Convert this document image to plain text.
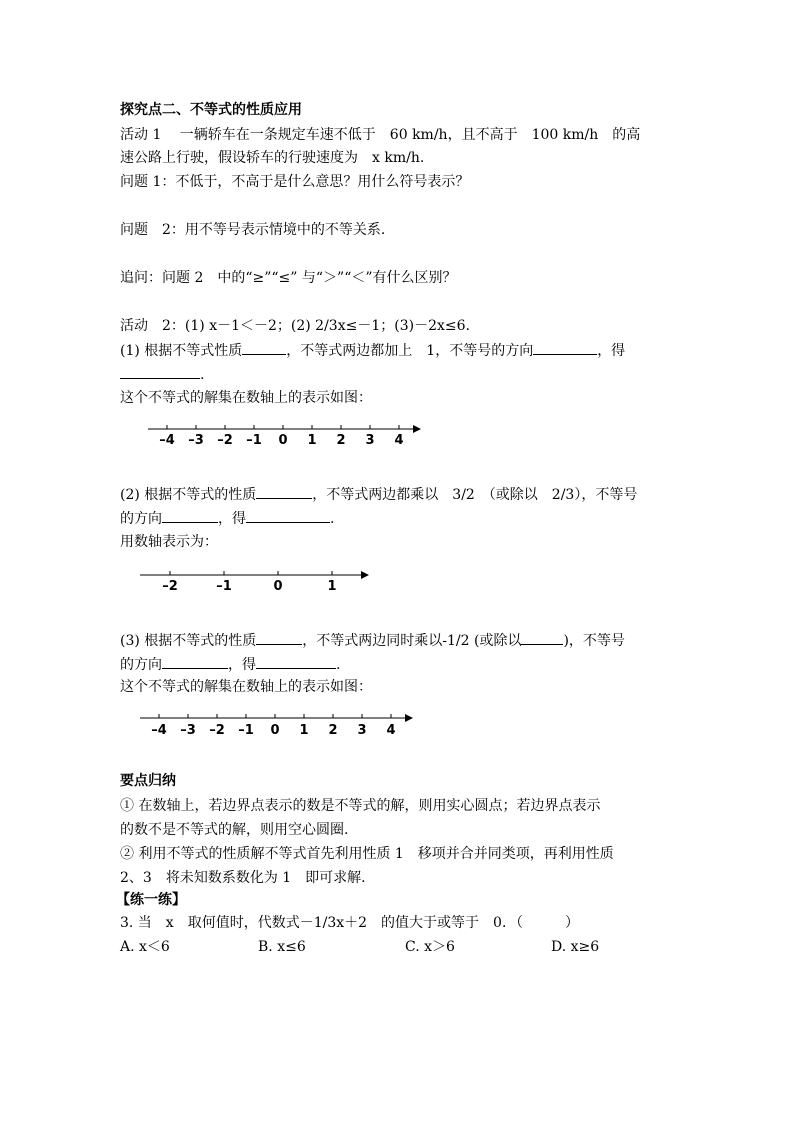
探究点二、不等式的性质应用
活动 1　 一辆轿车在一条规定车速不低于　60 km/h，且不高于　100 km/h　的高
速公路上行驶，假设轿车的行驶速度为　x km/h.
问题 1：不低于，不高于是什么意思？用什么符号表示？
问题　2：用不等号表示情境中的不等关系.
追问：问题 2　中的“≥”“≤” 与“＞”“＜”有什么区别？
活动　2：(1) x－1＜－2；(2) 2/3x≤－1；(3)－2x≤6.
(1) 根据不等式性质	，不等式两边都加上　1，不等号的方向	，得
.
这个不等式的解集在数轴上的表示如图：
–4 –3 –2 –1 0 1 2 3 4
–2	–1	0	1
–4 –3 –2 –1 0 1 2 3 4
(2) 根据不等式的性质	，不等式两边都乘以　3/2　（或除以　2/3），不等号
的方向	，得	.
用数轴表示为：
(3) 根据不等式的性质	，不等式两边同时乘以-1/2 (或除以	)，不等号
的方向	，得	.
这个不等式的解集在数轴上的表示如图：
要点归纳
① 在数轴上，若边界点表示的数是不等式的解，则用实心圆点；若边界点表示
的数不是不等式的解，则用空心圆圈.
② 利用不等式的性质解不等式首先利用性质 1　移项并合并同类项，再利用性质
2、3　将未知数系数化为 1　即可求解.
【练一练】
3. 当　x　取何值时，代数式－1/3x＋2　的值大于或等于　0．（　　　）
A. x＜6	B. x≤6	C. x＞6	D. x≥6
